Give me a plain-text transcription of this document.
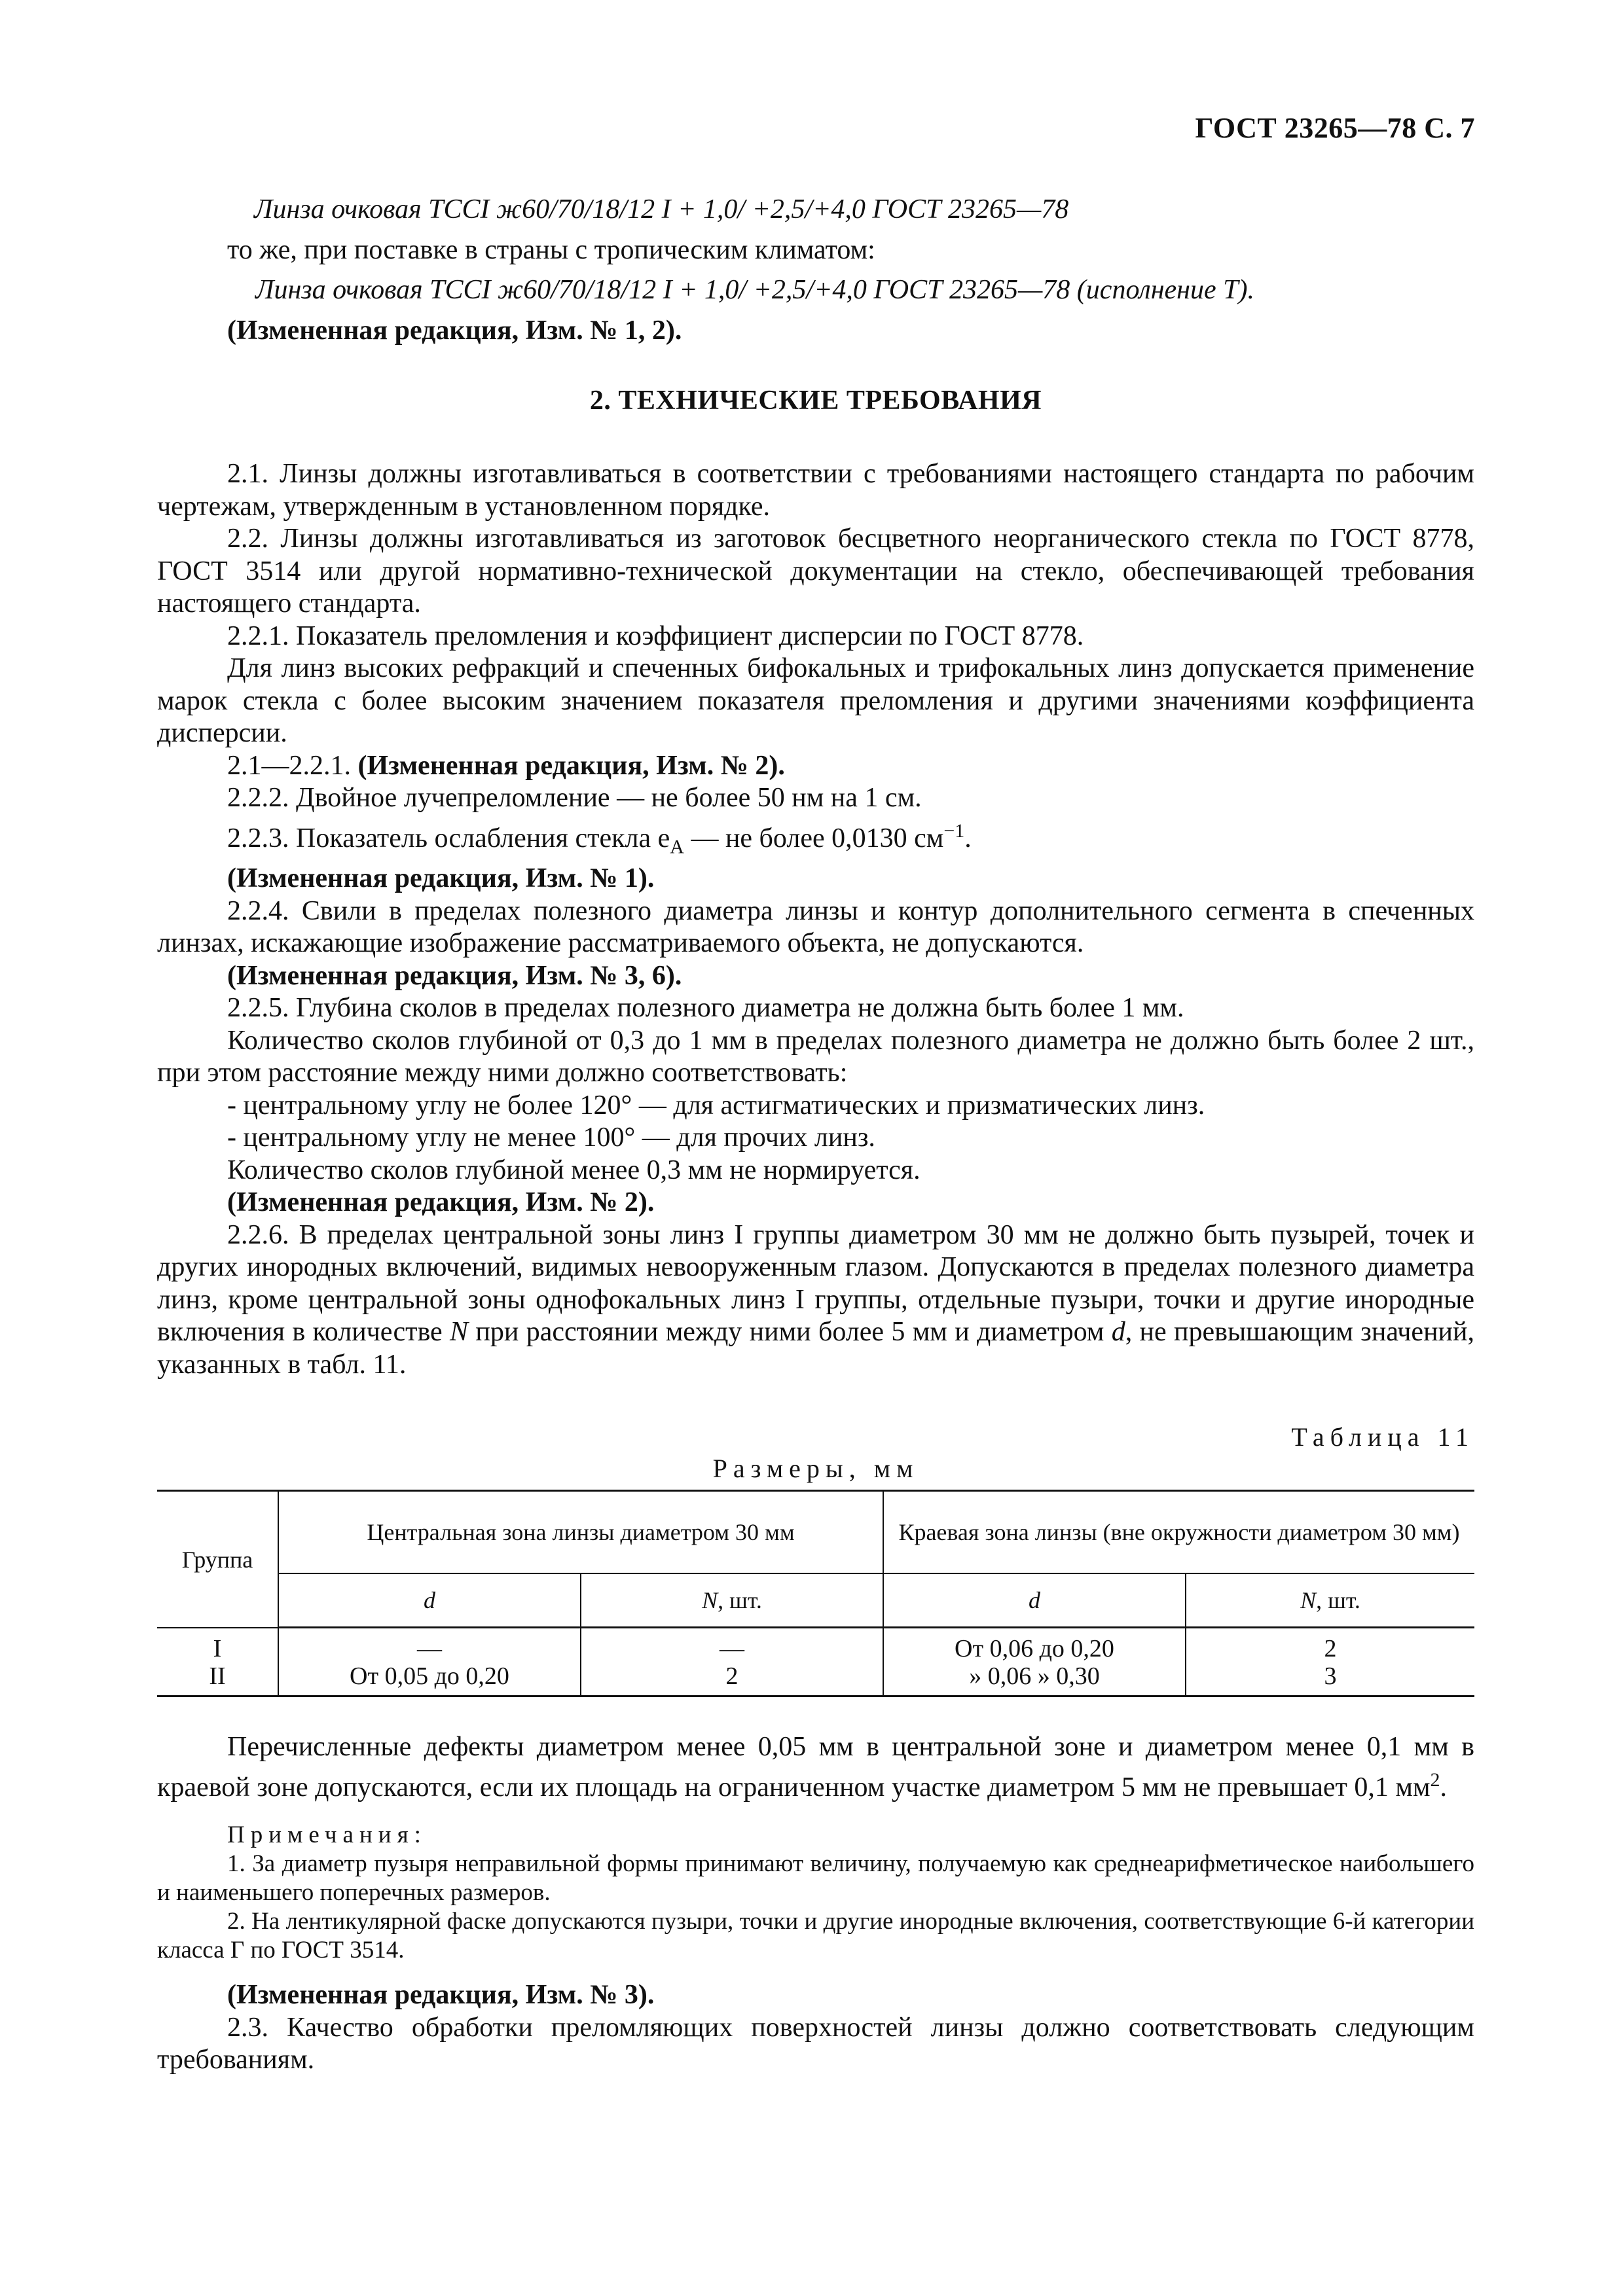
ГОСТ 23265—78 С. 7

Линза очковая ТССI ж60/70/18/12 I + 1,0/ +2,5/+4,0 ГОСТ 23265—78

то же, при поставке в страны с тропическим климатом:

Линза очковая ТССI ж60/70/18/12 I + 1,0/ +2,5/+4,0 ГОСТ 23265—78 (исполнение Т).

(Измененная редакция, Изм. № 1, 2).

2. ТЕХНИЧЕСКИЕ ТРЕБОВАНИЯ

2.1. Линзы должны изготавливаться в соответствии с требованиями настоящего стандарта по рабочим чертежам, утвержденным в установленном порядке.

2.2. Линзы должны изготавливаться из заготовок бесцветного неорганического стекла по ГОСТ 8778, ГОСТ 3514 или другой нормативно-технической документации на стекло, обеспечивающей требования настоящего стандарта.

2.2.1. Показатель преломления и коэффициент дисперсии по ГОСТ 8778.

Для линз высоких рефракций и спеченных бифокальных и трифокальных линз допускается применение марок стекла с более высоким значением показателя преломления и другими значениями коэффициента дисперсии.

2.1—2.2.1. (Измененная редакция, Изм. № 2).

2.2.2. Двойное лучепреломление — не более 50 нм на 1 см.

2.2.3. Показатель ослабления стекла $е_А$ — не более 0,0130 $см^{-1}$.

(Измененная редакция, Изм. № 1).

2.2.4. Свили в пределах полезного диаметра линзы и контур дополнительного сегмента в спеченных линзах, искажающие изображение рассматриваемого объекта, не допускаются.

(Измененная редакция, Изм. № 3, 6).

2.2.5. Глубина сколов в пределах полезного диаметра не должна быть более 1 мм.

Количество сколов глубиной от 0,3 до 1 мм в пределах полезного диаметра не должно быть более 2 шт., при этом расстояние между ними должно соответствовать:

- центральному углу не более 120° — для астигматических и призматических линз.

- центральному углу не менее 100° — для прочих линз.

Количество сколов глубиной менее 0,3 мм не нормируется.

(Измененная редакция, Изм. № 2).

2.2.6. В пределах центральной зоны линз I группы диаметром 30 мм не должно быть пузырей, точек и других инородных включений, видимых невооруженным глазом. Допускаются в пределах полезного диаметра линз, кроме центральной зоны однофокальных линз I группы, отдельные пузыри, точки и другие инородные включения в количестве N при расстоянии между ними более 5 мм и диаметром d, не превышающим значений, указанных в табл. 11.

Таблица 11
Размеры, мм
Группа	Центральная зона линзы диаметром 30 мм		Краевая зона линзы (вне окружности диаметром 30 мм)	
	d	N, шт.	d	N, шт.
I	—	—	От 0,06 до 0,20	2
II	От 0,05 до 0,20	2	» 0,06 » 0,30	3

Перечисленные дефекты диаметром менее 0,05 мм в центральной зоне и диаметром менее 0,1 мм в краевой зоне допускаются, если их площадь на ограниченном участке диаметром 5 мм не превышает 0,1 $мм^2$.

Примечания:

1. За диаметр пузыря неправильной формы принимают величину, получаемую как среднеарифметическое наибольшего и наименьшего поперечных размеров.

2. На лентикулярной фаске допускаются пузыри, точки и другие инородные включения, соответствующие 6-й категории класса Г по ГОСТ 3514.

(Измененная редакция, Изм. № 3).

2.3. Качество обработки преломляющих поверхностей линзы должно соответствовать следующим требованиям.
